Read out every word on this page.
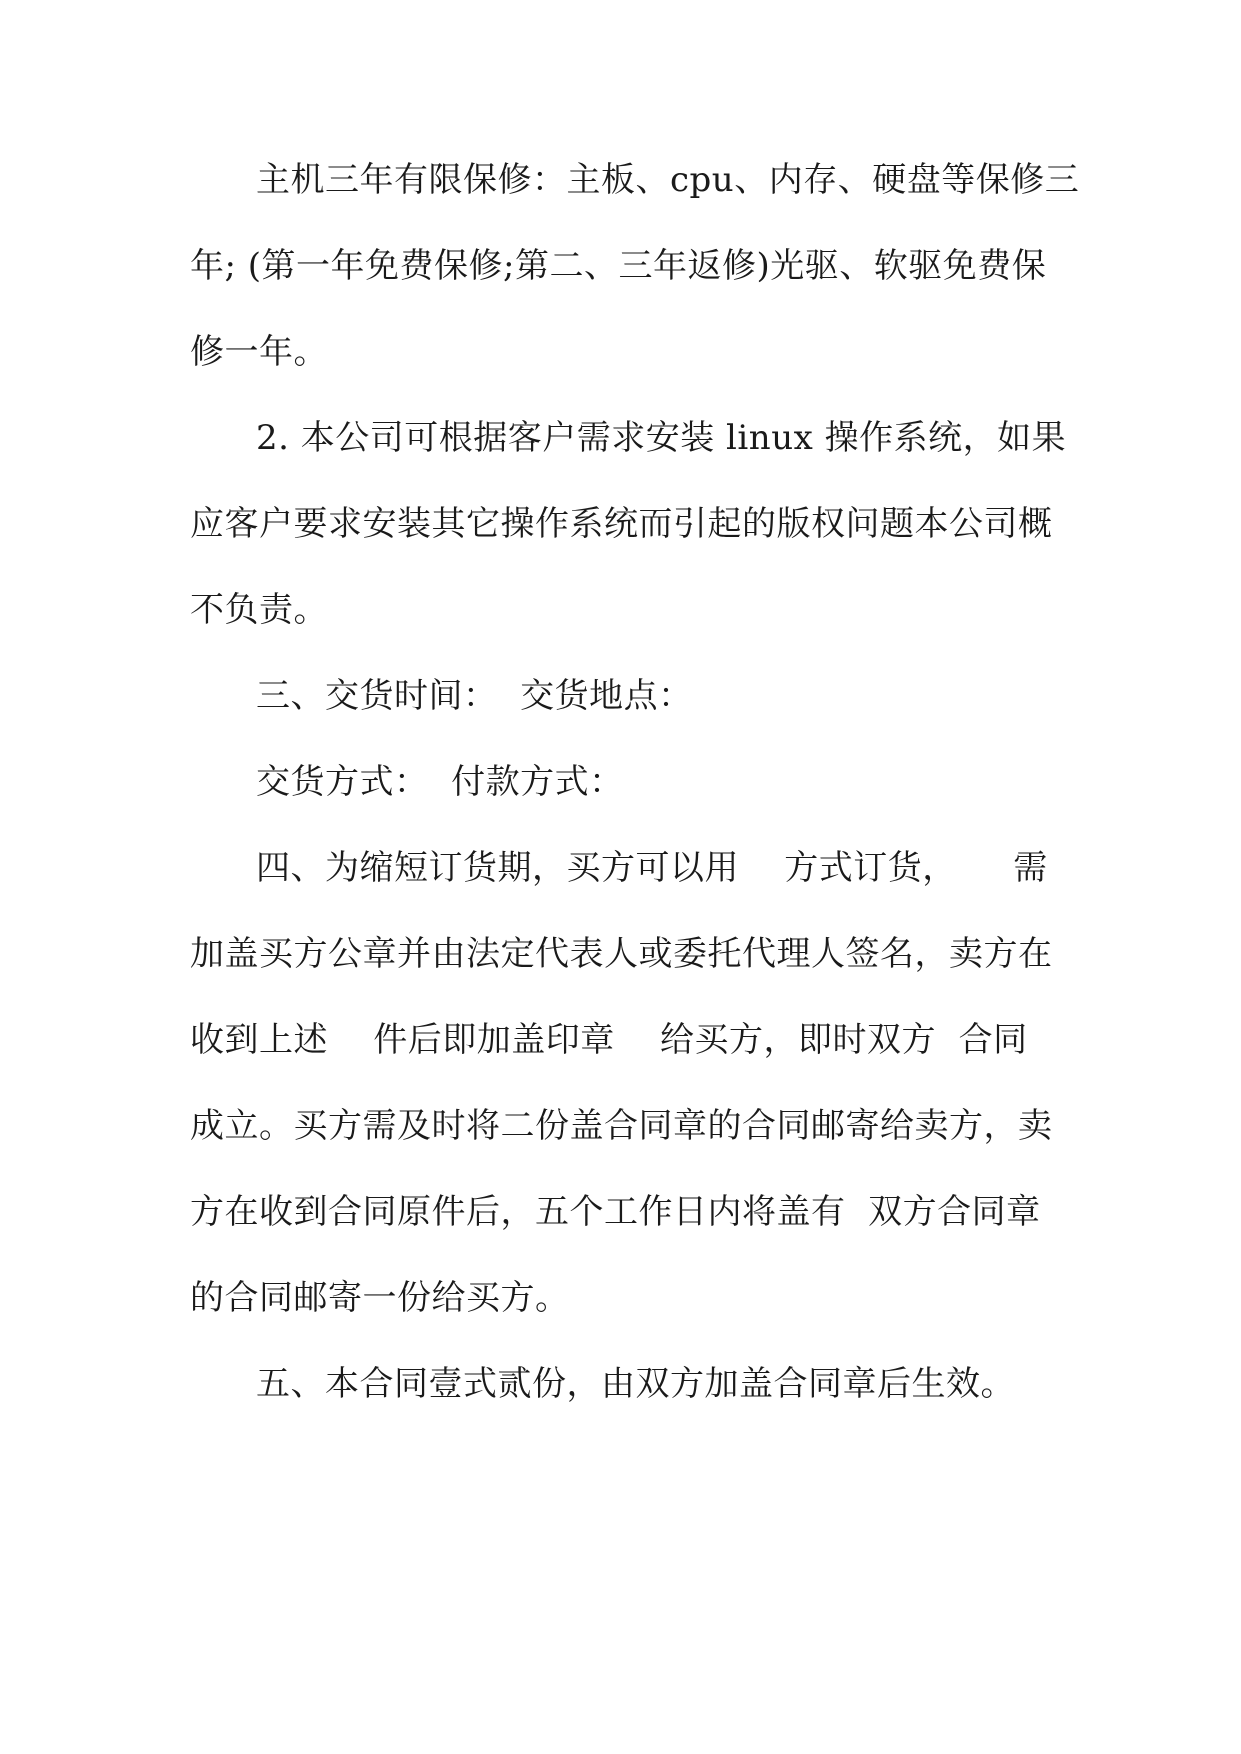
主机三年有限保修：主板、cpu、内存、硬盘等保修三

年; (第一年免费保修;第二、三年返修)光驱、软驱免费保

修一年。

2. 本公司可根据客户需求安装 linux 操作系统，如果

应客户要求安装其它操作系统而引起的版权问题本公司概

不负责。

三、交货时间：  交货地点：

交货方式：  付款方式：

四、为缩短订货期，买方可以用    方式订货，     需

加盖买方公章并由法定代表人或委托代理人签名，卖方在

收到上述    件后即加盖印章    给买方，即时双方  合同

成立。买方需及时将二份盖合同章的合同邮寄给卖方，卖

方在收到合同原件后，五个工作日内将盖有  双方合同章

的合同邮寄一份给买方。

五、本合同壹式贰份，由双方加盖合同章后生效。
